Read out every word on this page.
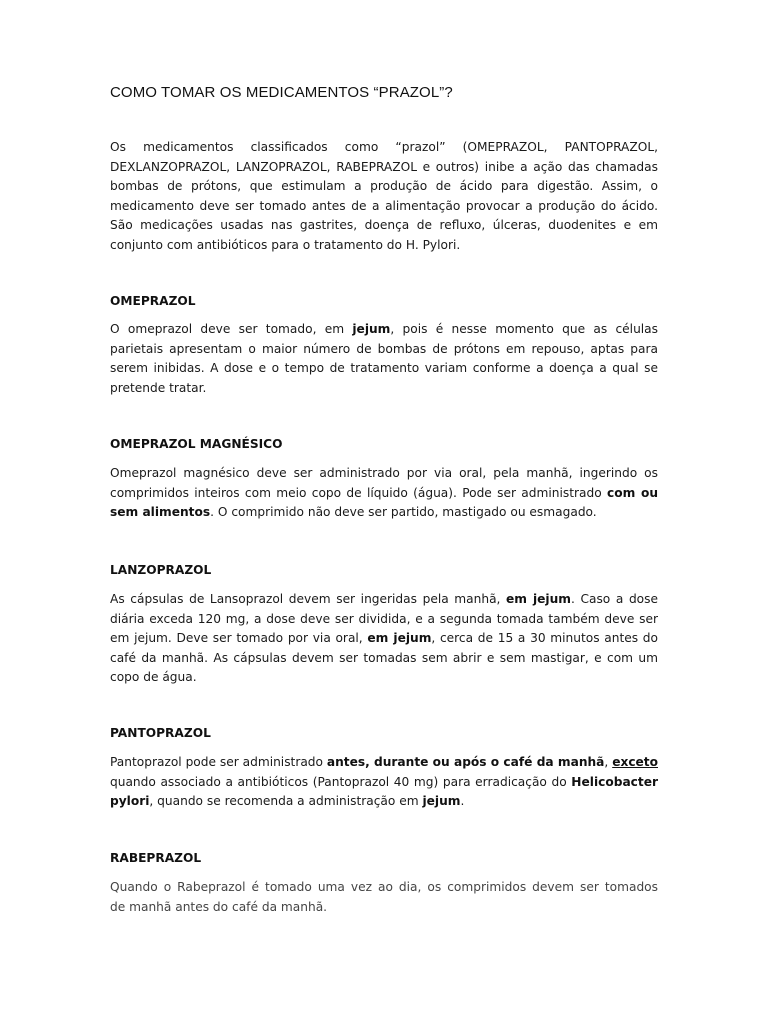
COMO TOMAR OS MEDICAMENTOS “PRAZOL”?
Os medicamentos classificados como “prazol” (OMEPRAZOL, PANTOPRAZOL,
DEXLANZOPRAZOL, LANZOPRAZOL, RABEPRAZOL e outros) inibe a ação das chamadas
bombas de prótons, que estimulam a produção de ácido para digestão. Assim, o
medicamento deve ser tomado antes de a alimentação provocar a produção do ácido.
São medicações usadas nas gastrites, doença de refluxo, úlceras, duodenites e em
conjunto com antibióticos para o tratamento do H. Pylori.
OMEPRAZOL
O omeprazol deve ser tomado, em jejum, pois é nesse momento que as células
parietais apresentam o maior número de bombas de prótons em repouso, aptas para
serem inibidas. A dose e o tempo de tratamento variam conforme a doença a qual se
pretende tratar.
OMEPRAZOL MAGNÉSICO
Omeprazol magnésico deve ser administrado por via oral, pela manhã, ingerindo os
comprimidos inteiros com meio copo de líquido (água). Pode ser administrado com ou
sem alimentos. O comprimido não deve ser partido, mastigado ou esmagado.
LANZOPRAZOL
As cápsulas de Lansoprazol devem ser ingeridas pela manhã, em jejum. Caso a dose
diária exceda 120 mg, a dose deve ser dividida, e a segunda tomada também deve ser
em jejum. Deve ser tomado por via oral, em jejum, cerca de 15 a 30 minutos antes do
café da manhã. As cápsulas devem ser tomadas sem abrir e sem mastigar, e com um
copo de água.
PANTOPRAZOL
Pantoprazol pode ser administrado antes, durante ou após o café da manhã, exceto
quando associado a antibióticos (Pantoprazol 40 mg) para erradicação do Helicobacter
pylori, quando se recomenda a administração em jejum.
RABEPRAZOL
Quando o Rabeprazol é tomado uma vez ao dia, os comprimidos devem ser tomados
de manhã antes do café da manhã.
